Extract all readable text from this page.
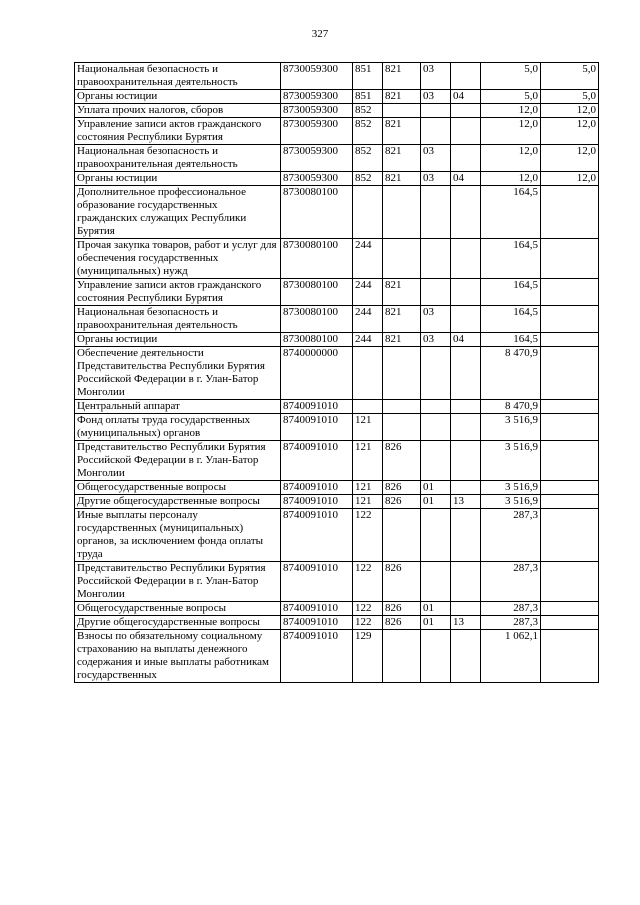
327
Национальная безопасность и правоохранительная деятельность	8730059300	851	821	03		5,0	5,0
Органы юстиции	8730059300	851	821	03	04	5,0	5,0
Уплата прочих налогов, сборов	8730059300	852				12,0	12,0
Управление записи актов гражданского состояния Республики Бурятия	8730059300	852	821			12,0	12,0
Национальная безопасность и правоохранительная деятельность	8730059300	852	821	03		12,0	12,0
Органы юстиции	8730059300	852	821	03	04	12,0	12,0
Дополнительное профессиональное образование государственных гражданских служащих Республики Бурятия	8730080100					164,5	
Прочая закупка товаров, работ и услуг для обеспечения государственных (муниципальных) нужд	8730080100	244				164,5	
Управление записи актов гражданского состояния Республики Бурятия	8730080100	244	821			164,5	
Национальная безопасность и правоохранительная деятельность	8730080100	244	821	03		164,5	
Органы юстиции	8730080100	244	821	03	04	164,5	
Обеспечение деятельности Представительства Республики Бурятия Российской Федерации в г. Улан-Батор Монголии	8740000000					8 470,9	
Центральный аппарат	8740091010					8 470,9	
Фонд оплаты труда государственных (муниципальных) органов	8740091010	121				3 516,9	
Представительство Республики Бурятия Российской Федерации в г. Улан-Батор Монголии	8740091010	121	826			3 516,9	
Общегосударственные вопросы	8740091010	121	826	01		3 516,9	
Другие общегосударственные вопросы	8740091010	121	826	01	13	3 516,9	
Иные выплаты персоналу государственных (муниципальных) органов, за исключением фонда оплаты труда	8740091010	122				287,3	
Представительство Республики Бурятия Российской Федерации в г. Улан-Батор Монголии	8740091010	122	826			287,3	
Общегосударственные вопросы	8740091010	122	826	01		287,3	
Другие общегосударственные вопросы	8740091010	122	826	01	13	287,3	
Взносы по обязательному социальному страхованию на выплаты денежного содержания и иные выплаты работникам государственных	8740091010	129				1 062,1	
